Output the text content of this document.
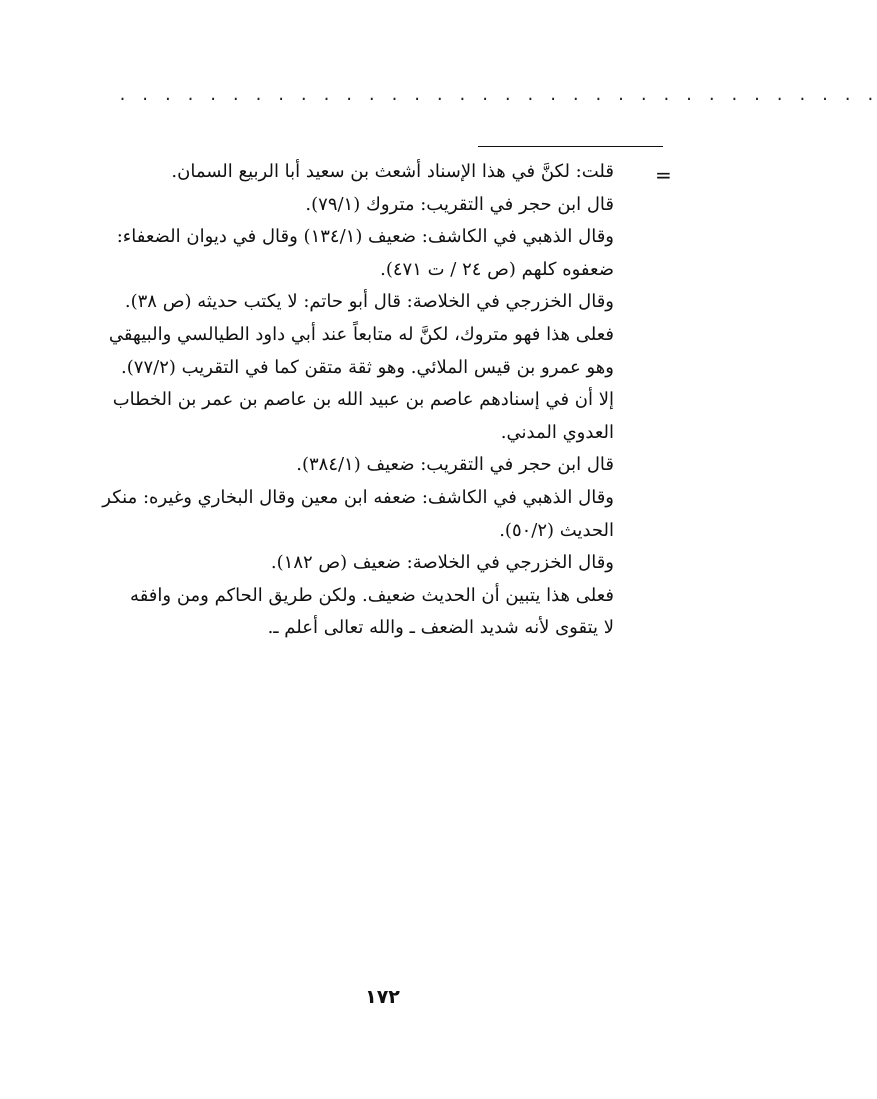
. . . . . . . . . . . . . . . . . . . . . . . . . . . . . . . . . .
=
قلت: لكنَّ في هذا الإسناد أشعث بن سعيد أبا الربيع السمان.
قال ابن حجر في التقريب: متروك (٧٩/١).
وقال الذهبي في الكاشف: ضعيف (١٣٤/١) وقال في ديوان الضعفاء:
ضعفوه كلهم (ص ٢٤ / ت ٤٧١).
وقال الخزرجي في الخلاصة: قال أبو حاتم: لا يكتب حديثه (ص ٣٨).
فعلى هذا فهو متروك، لكنَّ له متابعاً عند أبي داود الطيالسي والبيهقي
وهو عمرو بن قيس الملائي. وهو ثقة متقن كما في التقريب (٧٧/٢).
إلا أن في إسنادهم عاصم بن عبيد الله بن عاصم بن عمر بن الخطاب
العدوي المدني.
قال ابن حجر في التقريب: ضعيف (٣٨٤/١).
وقال الذهبي في الكاشف: ضعفه ابن معين وقال البخاري وغيره: منكر
الحديث (٥٠/٢).
وقال الخزرجي في الخلاصة: ضعيف (ص ١٨٢).
فعلى هذا يتبين أن الحديث ضعيف. ولكن طريق الحاكم ومن وافقه
لا يتقوى لأنه شديد الضعف ـ والله تعالى أعلم ـ.
١٧٢
